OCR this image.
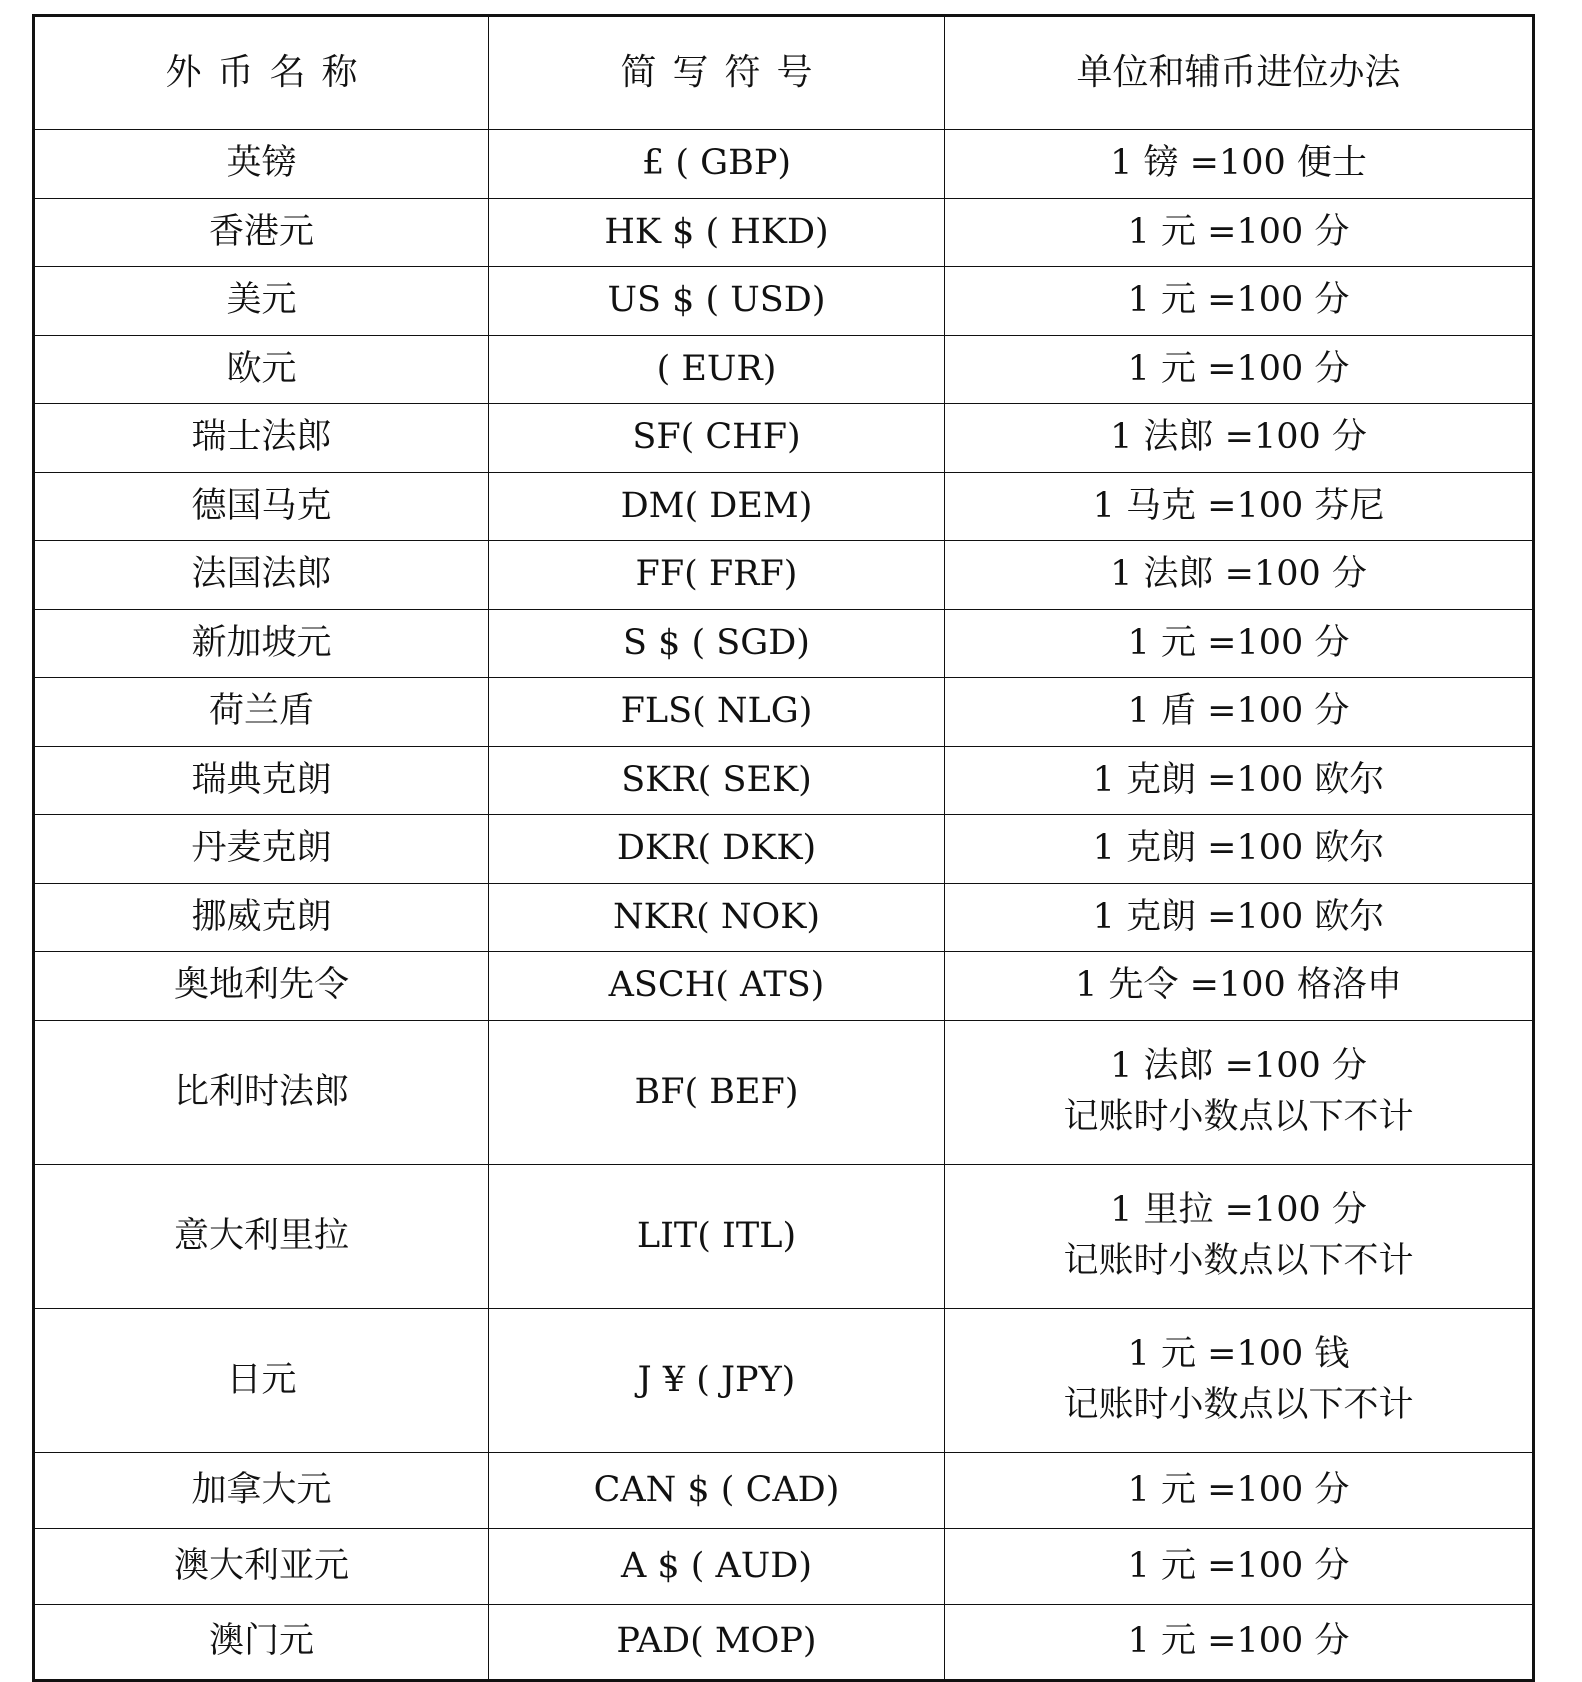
外币名称	简写符号	单位和辅币进位办法
英镑	£ ( GBP)	1 镑 =100 便士

香港元	HK $ ( HKD)	1 元 =100 分

美元	US $ ( USD)	1 元 =100 分

欧元	( EUR)	1 元 =100 分

瑞士法郎	SF( CHF)	1 法郎 =100 分

德国马克	DM( DEM)	1 马克 =100 芬尼

法国法郎	FF( FRF)	1 法郎 =100 分

新加坡元	S $ ( SGD)	1 元 =100 分

荷兰盾	FLS( NLG)	1 盾 =100 分

瑞典克朗	SKR( SEK)	1 克朗 =100 欧尔

丹麦克朗	DKR( DKK)	1 克朗 =100 欧尔

挪威克朗	NKR( NOK)	1 克朗 =100 欧尔

奥地利先令	ASCH( ATS)	1 先令 =100 格洛申

比利时法郎	BF( BEF)	1 法郎 =100 分
记账时小数点以下不计

意大利里拉	LIT( ITL)	1 里拉 =100 分
记账时小数点以下不计

日元	J ¥ ( JPY)	1 元 =100 钱
记账时小数点以下不计

加拿大元	CAN $ ( CAD)	1 元 =100 分

澳大利亚元	A $ ( AUD)	1 元 =100 分

澳门元	PAD( MOP)	1 元 =100 分
